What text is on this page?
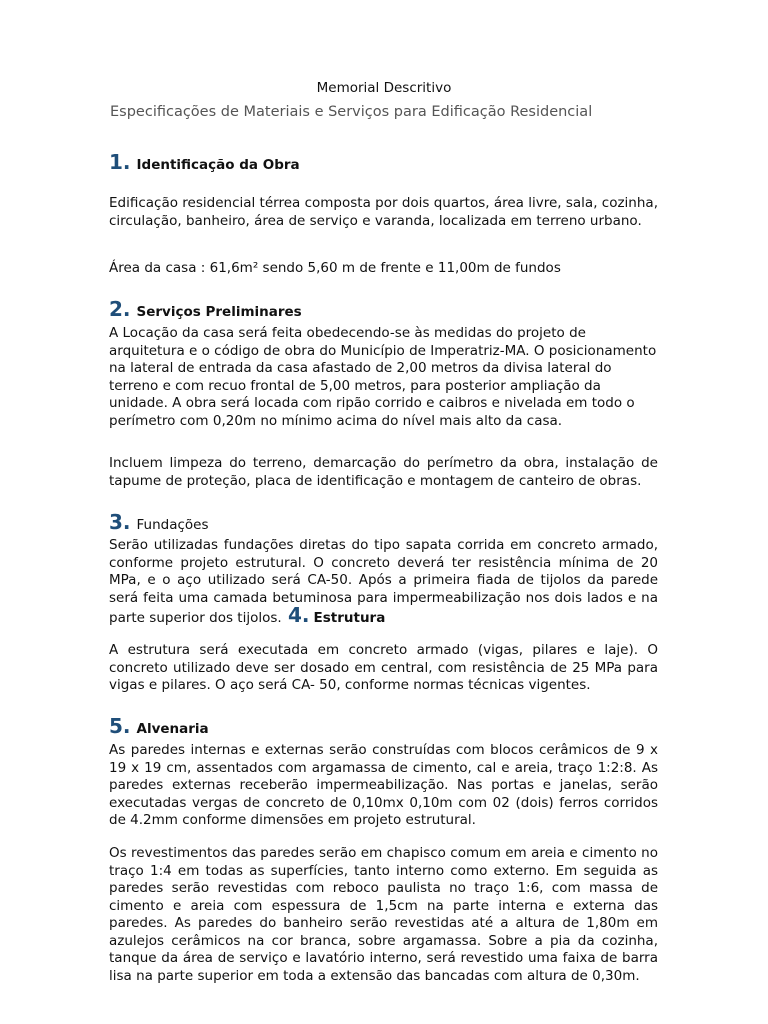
Memorial Descritivo
Especificações de Materiais e Serviços para Edificação Residencial
1. Identificação da Obra
Edificação residencial térrea composta por dois quartos, área livre, sala, cozinha, circulação, banheiro, área de serviço e varanda, localizada em terreno urbano.
Área da casa : 61,6m² sendo 5,60 m de frente e 11,00m de fundos
2. Serviços Preliminares
A Locação da casa será feita obedecendo-se às medidas do projeto de arquitetura e o código de obra do Município de Imperatriz-MA. O posicionamento na lateral de entrada da casa afastado de 2,00 metros da divisa lateral do terreno e com recuo frontal de 5,00 metros, para posterior ampliação da unidade. A obra será locada com ripão corrido e caibros e nivelada em todo o perímetro com 0,20m no mínimo acima do nível mais alto da casa.
Incluem limpeza do terreno, demarcação do perímetro da obra, instalação de tapume de proteção, placa de identificação e montagem de canteiro de obras.
3. Fundações
Serão utilizadas fundações diretas do tipo sapata corrida em concreto armado, conforme projeto estrutural. O concreto deverá ter resistência mínima de 20 MPa, e o aço utilizado será CA-50. Após a primeira fiada de tijolos da parede será feita uma camada betuminosa para impermeabilização nos dois lados e na parte superior dos tijolos. 4. Estrutura
A estrutura será executada em concreto armado (vigas, pilares e laje). O concreto utilizado deve ser dosado em central, com resistência de 25 MPa para vigas e pilares. O aço será CA- 50, conforme normas técnicas vigentes.
5. Alvenaria
As paredes internas e externas serão construídas com blocos cerâmicos de 9 x 19 x 19 cm, assentados com argamassa de cimento, cal e areia, traço 1:2:8. As paredes externas receberão impermeabilização. Nas portas e janelas, serão executadas vergas de concreto de 0,10mx 0,10m com 02 (dois) ferros corridos de 4.2mm conforme dimensões em projeto estrutural.
Os revestimentos das paredes serão em chapisco comum em areia e cimento no traço 1:4 em todas as superfícies, tanto interno como externo. Em seguida as paredes serão revestidas com reboco paulista no traço 1:6, com massa de cimento e areia com espessura de 1,5cm na parte interna e externa das paredes. As paredes do banheiro serão revestidas até a altura de 1,80m em azulejos cerâmicos na cor branca, sobre argamassa. Sobre a pia da cozinha, tanque da área de serviço e lavatório interno, será revestido uma faixa de barra lisa na parte superior em toda a extensão das bancadas com altura de 0,30m.
